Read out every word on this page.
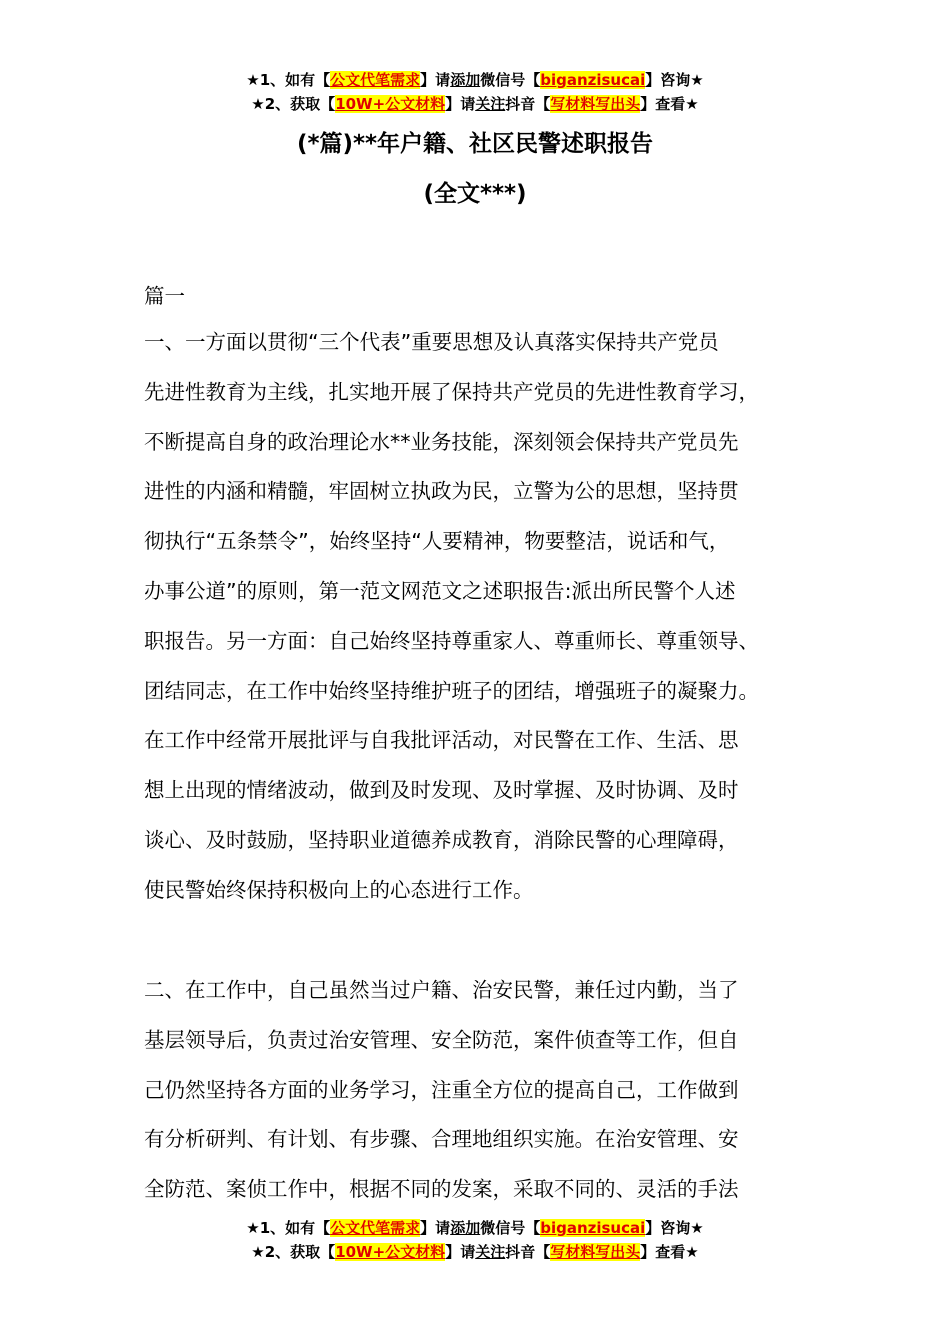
★1、如有【公文代笔需求】请添加微信号【biganzisucai】咨询★
★2、获取【10W+公文材料】请关注抖音【写材料写出头】查看★
(*篇)**年户籍、社区民警述职报告
(全文***)
篇一
一、一方面以贯彻“三个代表”重要思想及认真落实保持共产党员
先进性教育为主线，扎实地开展了保持共产党员的先进性教育学习，
不断提高自身的政治理论水**业务技能，深刻领会保持共产党员先
进性的内涵和精髓，牢固树立执政为民，立警为公的思想，坚持贯
彻执行“五条禁令”，始终坚持“人要精神，物要整洁，说话和气，
办事公道”的原则，第一范文网范文之述职报告:派出所民警个人述
职报告。另一方面：自己始终坚持尊重家人、尊重师长、尊重领导、
团结同志，在工作中始终坚持维护班子的团结，增强班子的凝聚力。
在工作中经常开展批评与自我批评活动，对民警在工作、生活、思
想上出现的情绪波动，做到及时发现、及时掌握、及时协调、及时
谈心、及时鼓励，坚持职业道德养成教育，消除民警的心理障碍，
使民警始终保持积极向上的心态进行工作。
二、在工作中，自己虽然当过户籍、治安民警，兼任过内勤，当了
基层领导后，负责过治安管理、安全防范，案件侦查等工作，但自
己仍然坚持各方面的业务学习，注重全方位的提高自己，工作做到
有分析研判、有计划、有步骤、合理地组织实施。在治安管理、安
全防范、案侦工作中，根据不同的发案，采取不同的、灵活的手法
★1、如有【公文代笔需求】请添加微信号【biganzisucai】咨询★
★2、获取【10W+公文材料】请关注抖音【写材料写出头】查看★
